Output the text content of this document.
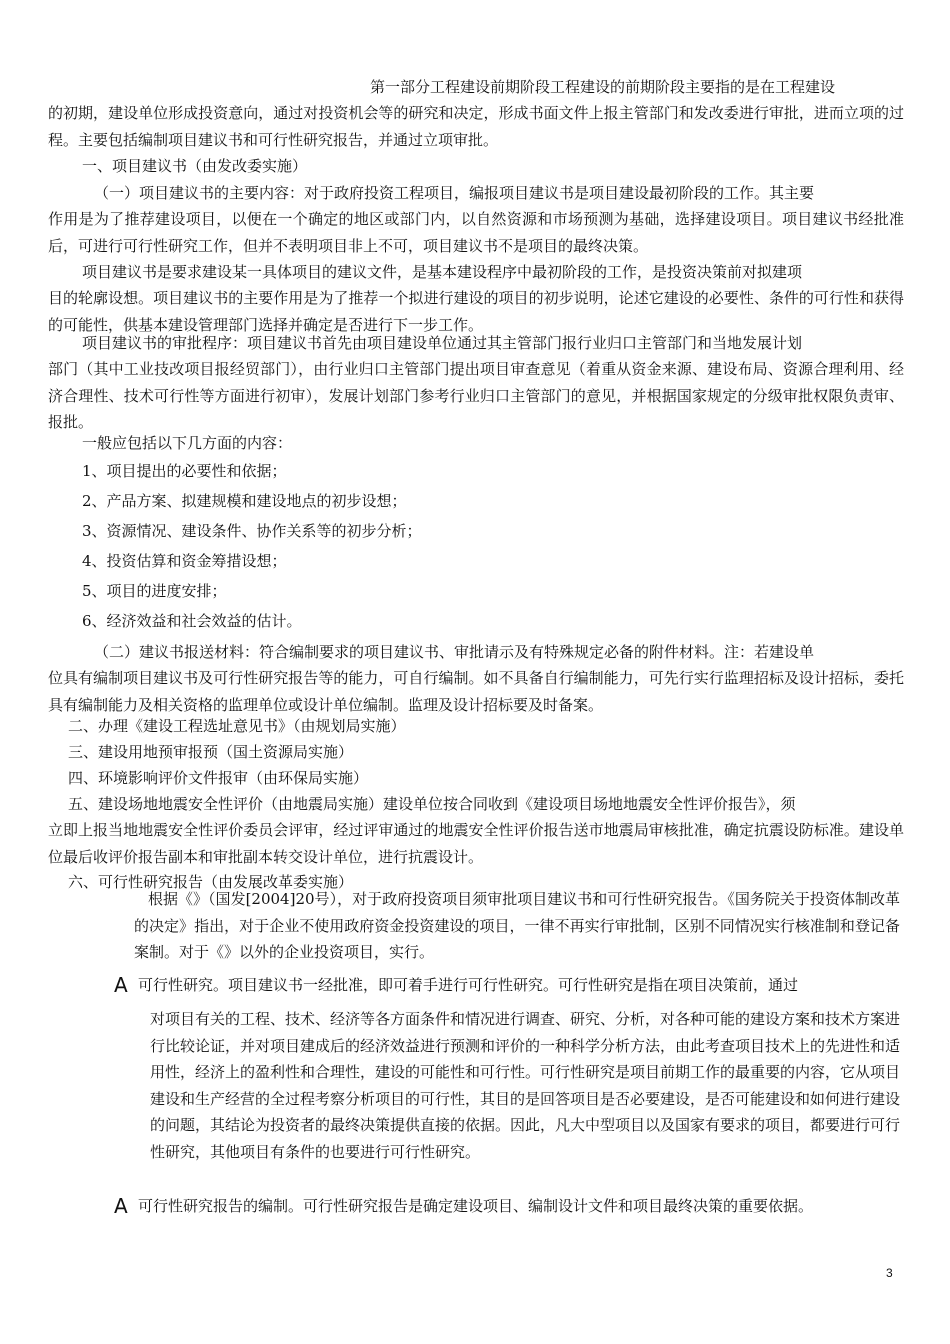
第一部分工程建设前期阶段工程建设的前期阶段主要指的是在工程建设

的初期，建设单位形成投资意向，通过对投资机会等的研究和决定，形成书面文件上报主管部门和发改委进行审批，进而立项的过程。主要包括编制项目建议书和可行性研究报告，并通过立项审批。

一、项目建议书（由发改委实施）

（一）项目建议书的主要内容：对于政府投资工程项目，编报项目建议书是项目建设最初阶段的工作。其主要

作用是为了推荐建设项目，以便在一个确定的地区或部门内，以自然资源和市场预测为基础，选择建设项目。项目建议书经批准后，可进行可行性研究工作，但并不表明项目非上不可，项目建议书不是项目的最终决策。

项目建议书是要求建设某一具体项目的建议文件，是基本建设程序中最初阶段的工作，是投资决策前对拟建项

目的轮廓设想。项目建议书的主要作用是为了推荐一个拟进行建设的项目的初步说明，论述它建设的必要性、条件的可行性和获得的可能性，供基本建设管理部门选择并确定是否进行下一步工作。

项目建议书的审批程序：项目建议书首先由项目建设单位通过其主管部门报行业归口主管部门和当地发展计划

部门（其中工业技改项目报经贸部门），由行业归口主管部门提出项目审查意见（着重从资金来源、建设布局、资源合理利用、经济合理性、技术可行性等方面进行初审），发展计划部门参考行业归口主管部门的意见，并根据国家规定的分级审批权限负责审、报批。

一般应包括以下几方面的内容：

1、项目提出的必要性和依据；

2、产品方案、拟建规模和建设地点的初步设想；

3、资源情况、建设条件、协作关系等的初步分析；

4、投资估算和资金筹措设想；

5、项目的进度安排；

6、经济效益和社会效益的估计。

（二）建议书报送材料：符合编制要求的项目建议书、审批请示及有特殊规定必备的附件材料。注：若建设单

位具有编制项目建议书及可行性研究报告等的能力，可自行编制。如不具备自行编制能力，可先行实行监理招标及设计招标，委托具有编制能力及相关资格的监理单位或设计单位编制。监理及设计招标要及时备案。

二、办理《建设工程选址意见书》（由规划局实施）

三、建设用地预审报预（国土资源局实施）

四、环境影响评价文件报审（由环保局实施）

五、建设场地地震安全性评价（由地震局实施）建设单位按合同收到《建设项目场地地震安全性评价报告》，须

立即上报当地地震安全性评价委员会评审，经过评审通过的地震安全性评价报告送市地震局审核批准，确定抗震设防标准。建设单位最后收评价报告副本和审批副本转交设计单位，进行抗震设计。

六、可行性研究报告（由发展改革委实施）

根据《》（国发[2004]20号），对于政府投资项目须审批项目建议书和可行性研究报告。《国务院关于投资体制改革的决定》指出，对于企业不使用政府资金投资建设的项目，一律不再实行审批制，区别不同情况实行核准制和登记备案制。对于《》以外的企业投资项目，实行。

A 可行性研究。项目建议书一经批准，即可着手进行可行性研究。可行性研究是指在项目决策前，通过

对项目有关的工程、技术、经济等各方面条件和情况进行调查、研究、分析，对各种可能的建设方案和技术方案进行比较论证，并对项目建成后的经济效益进行预测和评价的一种科学分析方法，由此考查项目技术上的先进性和适用性，经济上的盈利性和合理性，建设的可能性和可行性。可行性研究是项目前期工作的最重要的内容，它从项目建设和生产经营的全过程考察分析项目的可行性，其目的是回答项目是否必要建设，是否可能建设和如何进行建设的问题，其结论为投资者的最终决策提供直接的依据。因此，凡大中型项目以及国家有要求的项目，都要进行可行性研究，其他项目有条件的也要进行可行性研究。

A 可行性研究报告的编制。可行性研究报告是确定建设项目、编制设计文件和项目最终决策的重要依据。

3
